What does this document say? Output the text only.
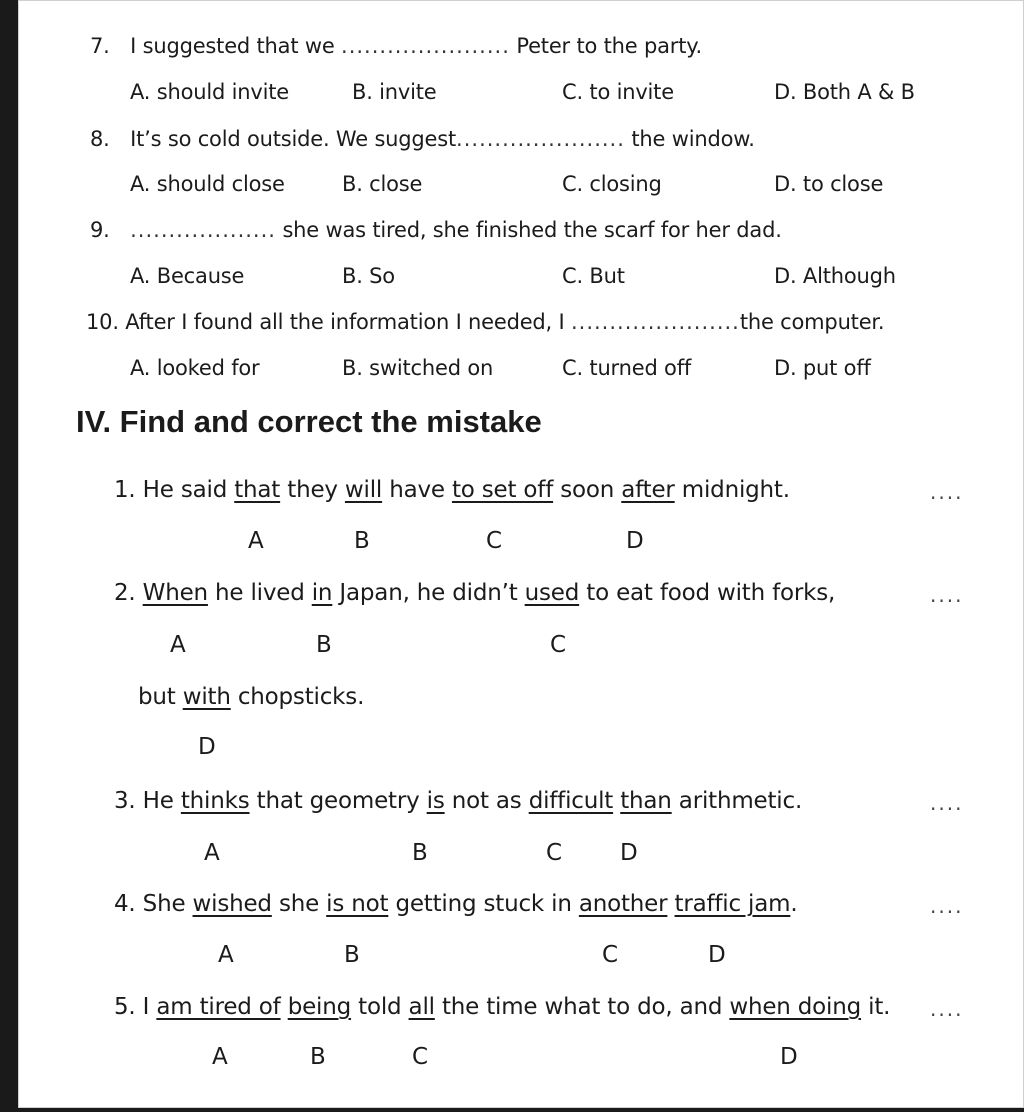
7. I suggested that we ...................... Peter to the party.
A. should invite	B. invite	C. to invite	D. Both A & B
8. It’s so cold outside. We suggest...................... the window.
A. should close	B. close	C. closing	D. to close
9. ................... she was tired, she finished the scarf for her dad.
A. Because	B. So	C. But	D. Although
10. After I found all the information I needed, I ......................the computer.
A. looked for	B. switched on	C. turned off	D. put off
IV. Find and correct the mistake
1. He said that they will have to set off soon after midnight.	....
A	B	C	D
2. When he lived in Japan, he didn’t used to eat food with forks,	....
A	B	C
but with chopsticks.
D
3. He thinks that geometry is not as difficult than arithmetic.	....
A	B	C	D
4. She wished she is not getting stuck in another traffic jam.	....
A	B	C	D
5. I am tired of being told all the time what to do, and when doing it. ....
A	B	C	D
